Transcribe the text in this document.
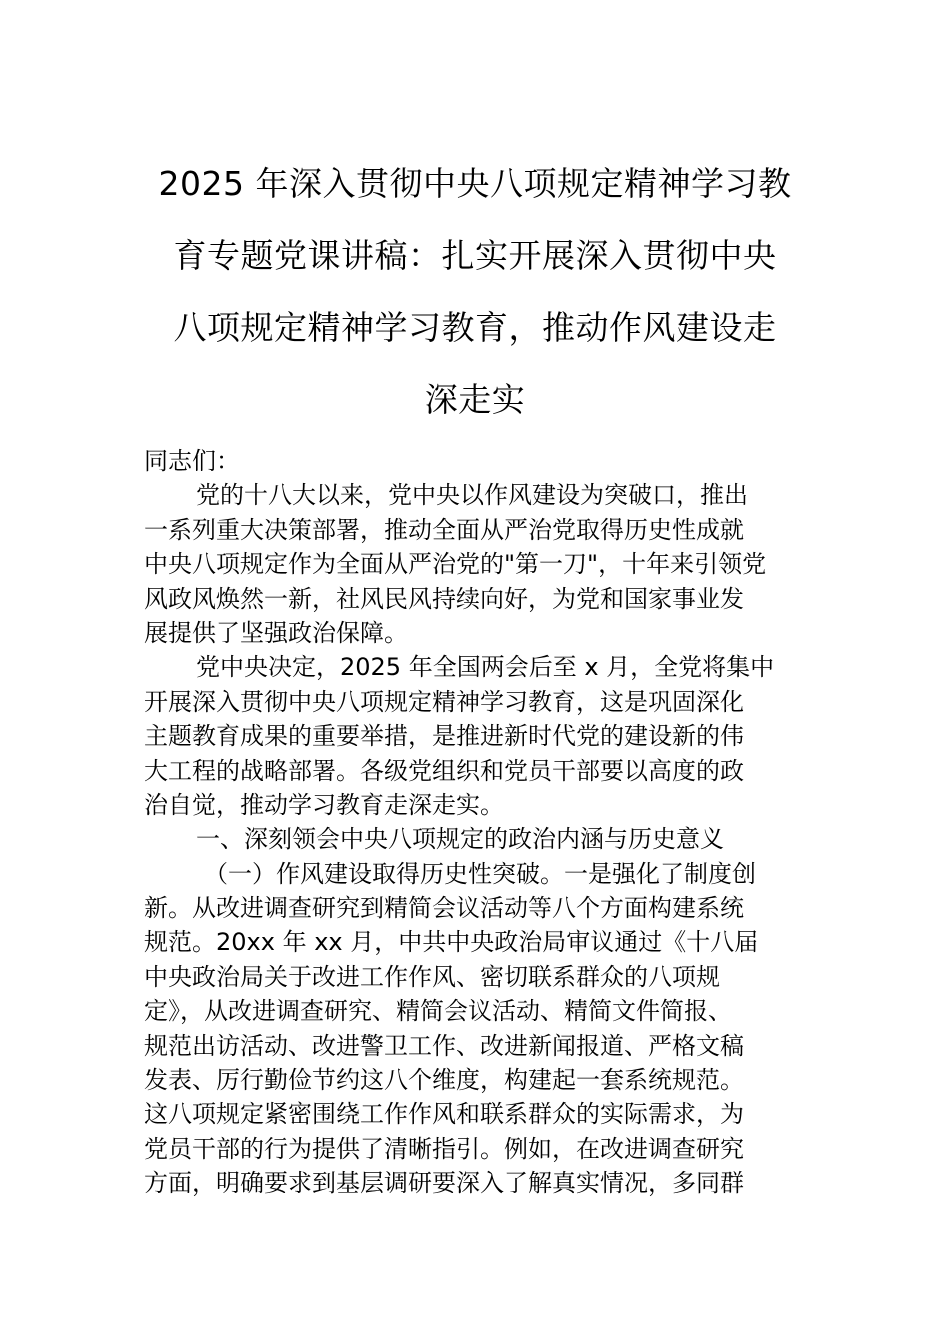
2025 年深入贯彻中央八项规定精神学习教
育专题党课讲稿：扎实开展深入贯彻中央
八项规定精神学习教育，推动作风建设走
深走实
同志们：
党的十八大以来，党中央以作风建设为突破口，推出
一系列重大决策部署，推动全面从严治党取得历史性成就
中央八项规定作为全面从严治党的"第一刀"，十年来引领党
风政风焕然一新，社风民风持续向好，为党和国家事业发
展提供了坚强政治保障。
党中央决定，2025 年全国两会后至 x 月，全党将集中
开展深入贯彻中央八项规定精神学习教育，这是巩固深化
主题教育成果的重要举措，是推进新时代党的建设新的伟
大工程的战略部署。各级党组织和党员干部要以高度的政
治自觉，推动学习教育走深走实。
一、深刻领会中央八项规定的政治内涵与历史意义
（一）作风建设取得历史性突破。一是强化了制度创
新。从改进调查研究到精简会议活动等八个方面构建系统
规范。20xx 年 xx 月，中共中央政治局审议通过《十八届
中央政治局关于改进工作作风、密切联系群众的八项规
定》，从改进调查研究、精简会议活动、精简文件简报、
规范出访活动、改进警卫工作、改进新闻报道、严格文稿
发表、厉行勤俭节约这八个维度，构建起一套系统规范。
这八项规定紧密围绕工作作风和联系群众的实际需求，为
党员干部的行为提供了清晰指引。例如，在改进调查研究
方面，明确要求到基层调研要深入了解真实情况，多同群
